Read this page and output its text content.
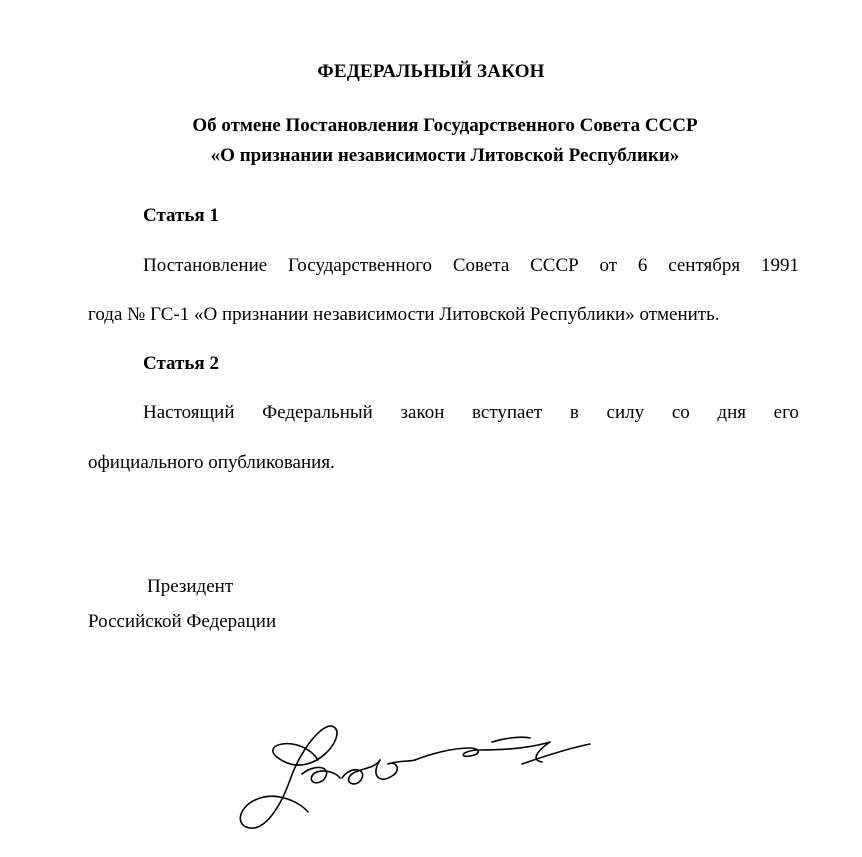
ФЕДЕРАЛЬНЫЙ ЗАКОН
Об отмене Постановления Государственного Совета СССР
«О признании независимости Литовской Республики»
Статья 1
Постановление Государственного Совета СССР от 6 сентября 1991
года № ГС-1 «О признании независимости Литовской Республики» отменить.
Статья 2
Настоящий Федеральный закон вступает в силу со дня его
официального опубликования.
Президент
Российской Федерации
